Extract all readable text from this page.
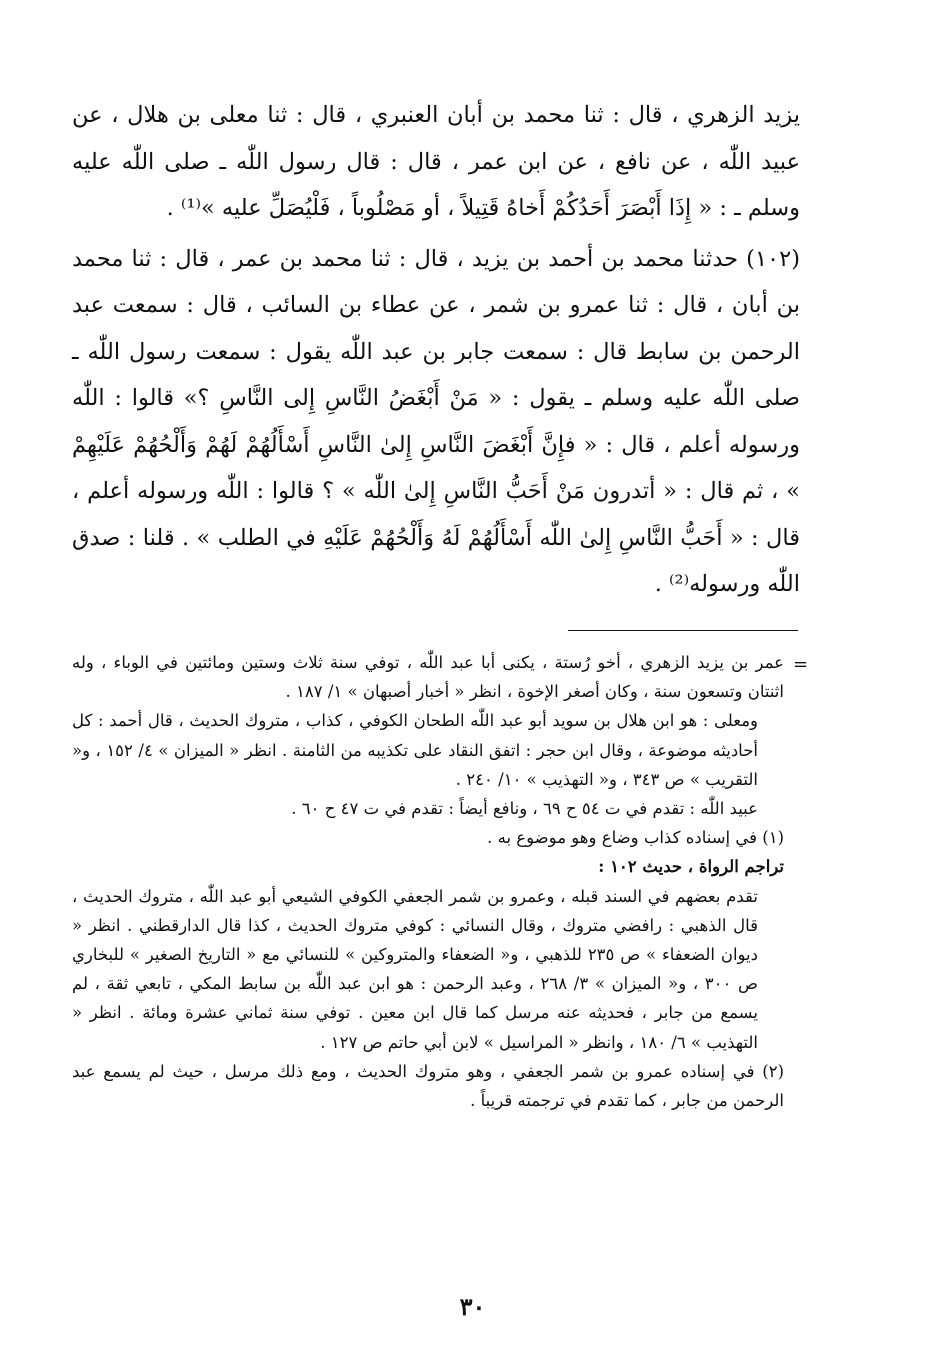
يزيد الزهري ، قال : ثنا محمد بن أبان العنبري ، قال : ثنا معلى بن هلال ، عن عبيد اللّٰه ، عن نافع ، عن ابن عمر ، قال : قال رسول اللّٰه ـ صلى اللّٰه عليه وسلم ـ : « إِذَا أَبْصَرَ أَحَدُكُمْ أَخاهُ قَتِيلاً ، أو مَصْلُوباً ، فَلْيُصَلِّ عليه »⁽¹⁾ .

(١٠٢) حدثنا محمد بن أحمد بن يزيد ، قال : ثنا محمد بن عمر ، قال : ثنا محمد بن أبان ، قال : ثنا عمرو بن شمر ، عن عطاء بن السائب ، قال : سمعت عبد الرحمن بن سابط قال : سمعت جابر بن عبد اللّٰه يقول : سمعت رسول اللّٰه ـ صلى اللّٰه عليه وسلم ـ يقول : « مَنْ أَبْغَضُ النَّاسِ إِلى النَّاسِ ؟» قالوا : اللّٰه ورسوله أعلم ، قال : « فإِنَّ أَبْغَضَ النَّاسِ إِلىٰ النَّاسِ أَسْأَلُهُمْ لَهُمْ وَأَلْحُهُمْ عَلَيْهِمْ » ، ثم قال : « أتدرون مَنْ أَحَبُّ النَّاسِ إِلىٰ اللّٰه » ؟ قالوا : اللّٰه ورسوله أعلم ، قال : « أَحَبُّ النَّاسِ إِلىٰ اللّٰه أَسْأَلُهُمْ لَهُ وَأَلْحُهُمْ عَلَيْهِ في الطلب » . قلنا : صدق اللّٰه ورسوله⁽²⁾ .

=

عمر بن يزيد الزهري ، أخو رُستة ، يكنى أبا عبد اللّٰه ، توفي سنة ثلاث وستين ومائتين في الوباء ، وله اثنتان وتسعون سنة ، وكان أصغر الإخوة ، انظر « أخبار أصبهان » ١/ ١٨٧ .

ومعلى : هو ابن هلال بن سويد أبو عبد اللّٰه الطحان الكوفي ، كذاب ، متروك الحديث ، قال أحمد : كل أحاديثه موضوعة ، وقال ابن حجر : اتفق النقاد على تكذيبه من الثامنة . انظر « الميزان » ٤/ ١٥٢ ، و« التقريب » ص ٣٤٣ ، و« التهذيب » ١٠/ ٢٤٠ .

عبيد اللّٰه : تقدم في ت ٥٤ ح ٦٩ ، ونافع أيضاً : تقدم في ت ٤٧ ح ٦٠ .

(١) في إسناده كذاب وضاع وهو موضوع به .

تراجم الرواة ، حديث ١٠٢ :

تقدم بعضهم في السند قبله ، وعمرو بن شمر الجعفي الكوفي الشيعي أبو عبد اللّٰه ، متروك الحديث ، قال الذهبي : رافضي متروك ، وقال النسائي : كوفي متروك الحديث ، كذا قال الدارقطني . انظر « ديوان الضعفاء » ص ٢٣٥ للذهبي ، و« الضعفاء والمتروكين » للنسائي مع « التاريخ الصغير » للبخاري ص ٣٠٠ ، و« الميزان » ٣/ ٢٦٨ ، وعبد الرحمن : هو ابن عبد اللّٰه بن سابط المكي ، تابعي ثقة ، لم يسمع من جابر ، فحديثه عنه مرسل كما قال ابن معين . توفي سنة ثماني عشرة ومائة . انظر « التهذيب » ٦/ ١٨٠ ، وانظر « المراسيل » لابن أبي حاتم ص ١٢٧ .

(٢) في إسناده عمرو بن شمر الجعفي ، وهو متروك الحديث ، ومع ذلك مرسل ، حيث لم يسمع عبد الرحمن من جابر ، كما تقدم في ترجمته قريباً .

٣٠
